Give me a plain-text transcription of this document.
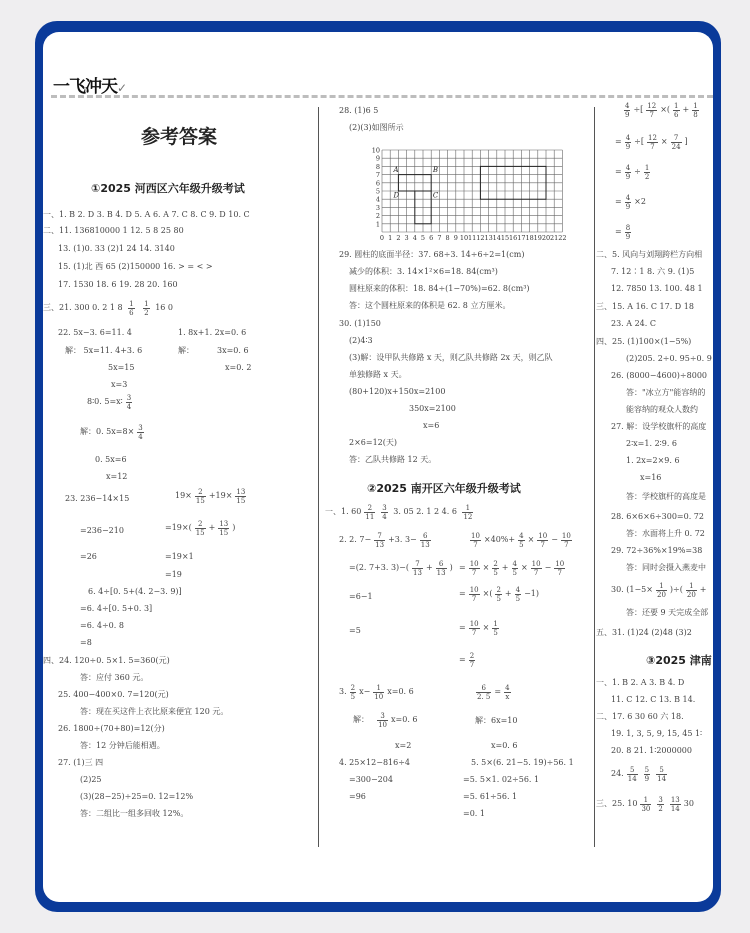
一飞冲天✓
参考答案
①2025 河西区六年级升级考试
一、1. B 2. D 3. B 4. D 5. A 6. A 7. C 8. C 9. D 10. C
二、11. 136810000 1 12. 5 8 25 80
13. (1)0. 33 (2)1 24 14. 3140
15. (1)北 西 65 (2)150000 16. > = < >
17. 1530 18. 6 19. 28 20. 160
三、21. 300 0. 2 1 $8 \frac{1}{6}$
$\frac{1}{2} 16$ 0
22. 5x−3. 6=11. 4	1. 8x+1. 2x=0. 6
解： 5x=11. 4+3. 6	解：	3x=0. 6
5x=15	x=0. 2
x=3
8∶0. 5=x∶ $\frac{3}{4}$
解：0. $5x=8\times \frac{3}{4}$
0. 5x=6
x=12
23. 236−14×15	$19\times \frac{2}{15} +19\times \frac{13}{15}$
=236−210	$=19\times( \frac{2}{15} + \frac{13}{15}$ )
=26	=19×1
=19
6. 4÷[0. 5+(4. 2−3. 9)]
=6. 4÷[0. 5+0. 3]
=6. 4÷0. 8
=8
四、24. 120÷0. 5×1. 5=360(元)
答：应付 360 元。
25. 400−400×0. 7=120(元)
答：现在买这件上衣比原来便宜 120 元。
26. 1800÷(70+80)=12(分)
答：12 分钟后能相遇。
27. (1)三 四
(2)25
(3)(28−25)÷25=0. 12=12%
答：二组比一组多回收 12%。
28. (1)6 5
(2)(3)如图所示
0 1 2 3 4 5 6 7 8 9 10 11 12 13 14 15 16 17 18 19 20 21 22
1
2
3
4
5
6
7
8
9
10
A	B
C
D
29. 圆柱的底面半径：37. 68÷3. 14÷6÷2=1(cm)
减少的体积：3. 14×1²×6=18. 84(cm³)
圆柱原来的体积：18. 84÷(1−70%)=62. 8(cm³)
答：这个圆柱原来的体积是 62. 8 立方厘米。
30. (1)150
(2)4∶3
(3)解：设甲队共修路 x 天，则乙队共修路 2x 天，则乙队
单独修路 x 天。
(80+120)x+150x=2100
350x=2100
x=6
2×6=12(天)
答：乙队共修路 12 天。
②2025 南开区六年级升级考试
一、1. $60 \frac{2}{11} \frac{3}{4} 3$. 05 2. 1 2 4. $6 \frac{1}{12}$
2. 2. $7- \frac{7}{13} +3$. $3- \frac{6}{13}$	$\frac{10}{7} \times 40\%+ \frac{4}{5} \times \frac{10}{7} - \frac{10}{7}$
=(2. 7+3. $3)-( \frac{7}{13} + \frac{6}{13}$ ) = $\frac{10}{7} \times \frac{2}{5} + \frac{4}{5} \times \frac{10}{7} - \frac{10}{7}$
=6−1	= $\frac{10}{7}$ ×( $\frac{2}{5} + \frac{4}{5} -1$)
=5	= $\frac{10}{7} \times \frac{1}{5}$
= $\frac{2}{7}$
3. $\frac{2}{5} x- \frac{1}{10} x=0$. 6	$\frac{6}{2. 5} = \frac{4}{x}$
解： $\frac{3}{10} x=0$. 6	解：6x=10
x=2	x=0. 6
4. 25×12−816÷4
=300−204
=96
5. 5×(6. 21−5. 19)÷56. 1
=5. 5×1. 02÷56. 1
=5. 61÷56. 1
=0. 1
$\frac{4}{9}$ ÷[ $\frac{12}{7}$ ×( $\frac{1}{6} + \frac{1}{8}$
= $\frac{4}{9}$ ÷[ $\frac{12}{7} \times \frac{7}{24}$ ]
= $\frac{4}{9} \div \frac{1}{2}$
= $\frac{4}{9} \times 2$
= $\frac{8}{9}$
二、5. 风向与刘翔跨栏方向相
7. 12∶1 8. 六 9. (1)5
12. 7850 13. 100. 48 1
三、15. A 16. C 17. D 18
23. A 24. C
四、25. (1)100×(1−5%)
(2)205. 2÷0. 95÷0. 9
26. (8000−4600)÷8000
答："冰立方"能容纳的
能容纳的观众人数约
27. 解：设学校旗杆的高度
2∶x=1. 2∶9. 6
1. 2x=2×9. 6
x=16
答：学校旗杆的高度是
28. 6×6×6÷300=0. 72
答：水面将上升 0. 72
29. 72÷36%×19%=38
答：同时会摄入燕麦中
30. ($1-5\times \frac{1}{20}$ )÷( $\frac{1}{20}$ +
答：还要 9 天完成全部
五、31. (1)24 (2)48 (3)2
③2025 津南
一、1. B 2. A 3. B 4. D
11. C 12. C 13. B 14.
二、17. 6 30 60 六 18.
19. 1, 3, 5, 9, 15, 45 1∶
20. 8 21. 1∶2000000
24. $\frac{5}{14} \frac{5}{9} \frac{5}{14}$
三、25. $10 \frac{1}{30} \frac{3}{2} \frac{13}{14} 30$
